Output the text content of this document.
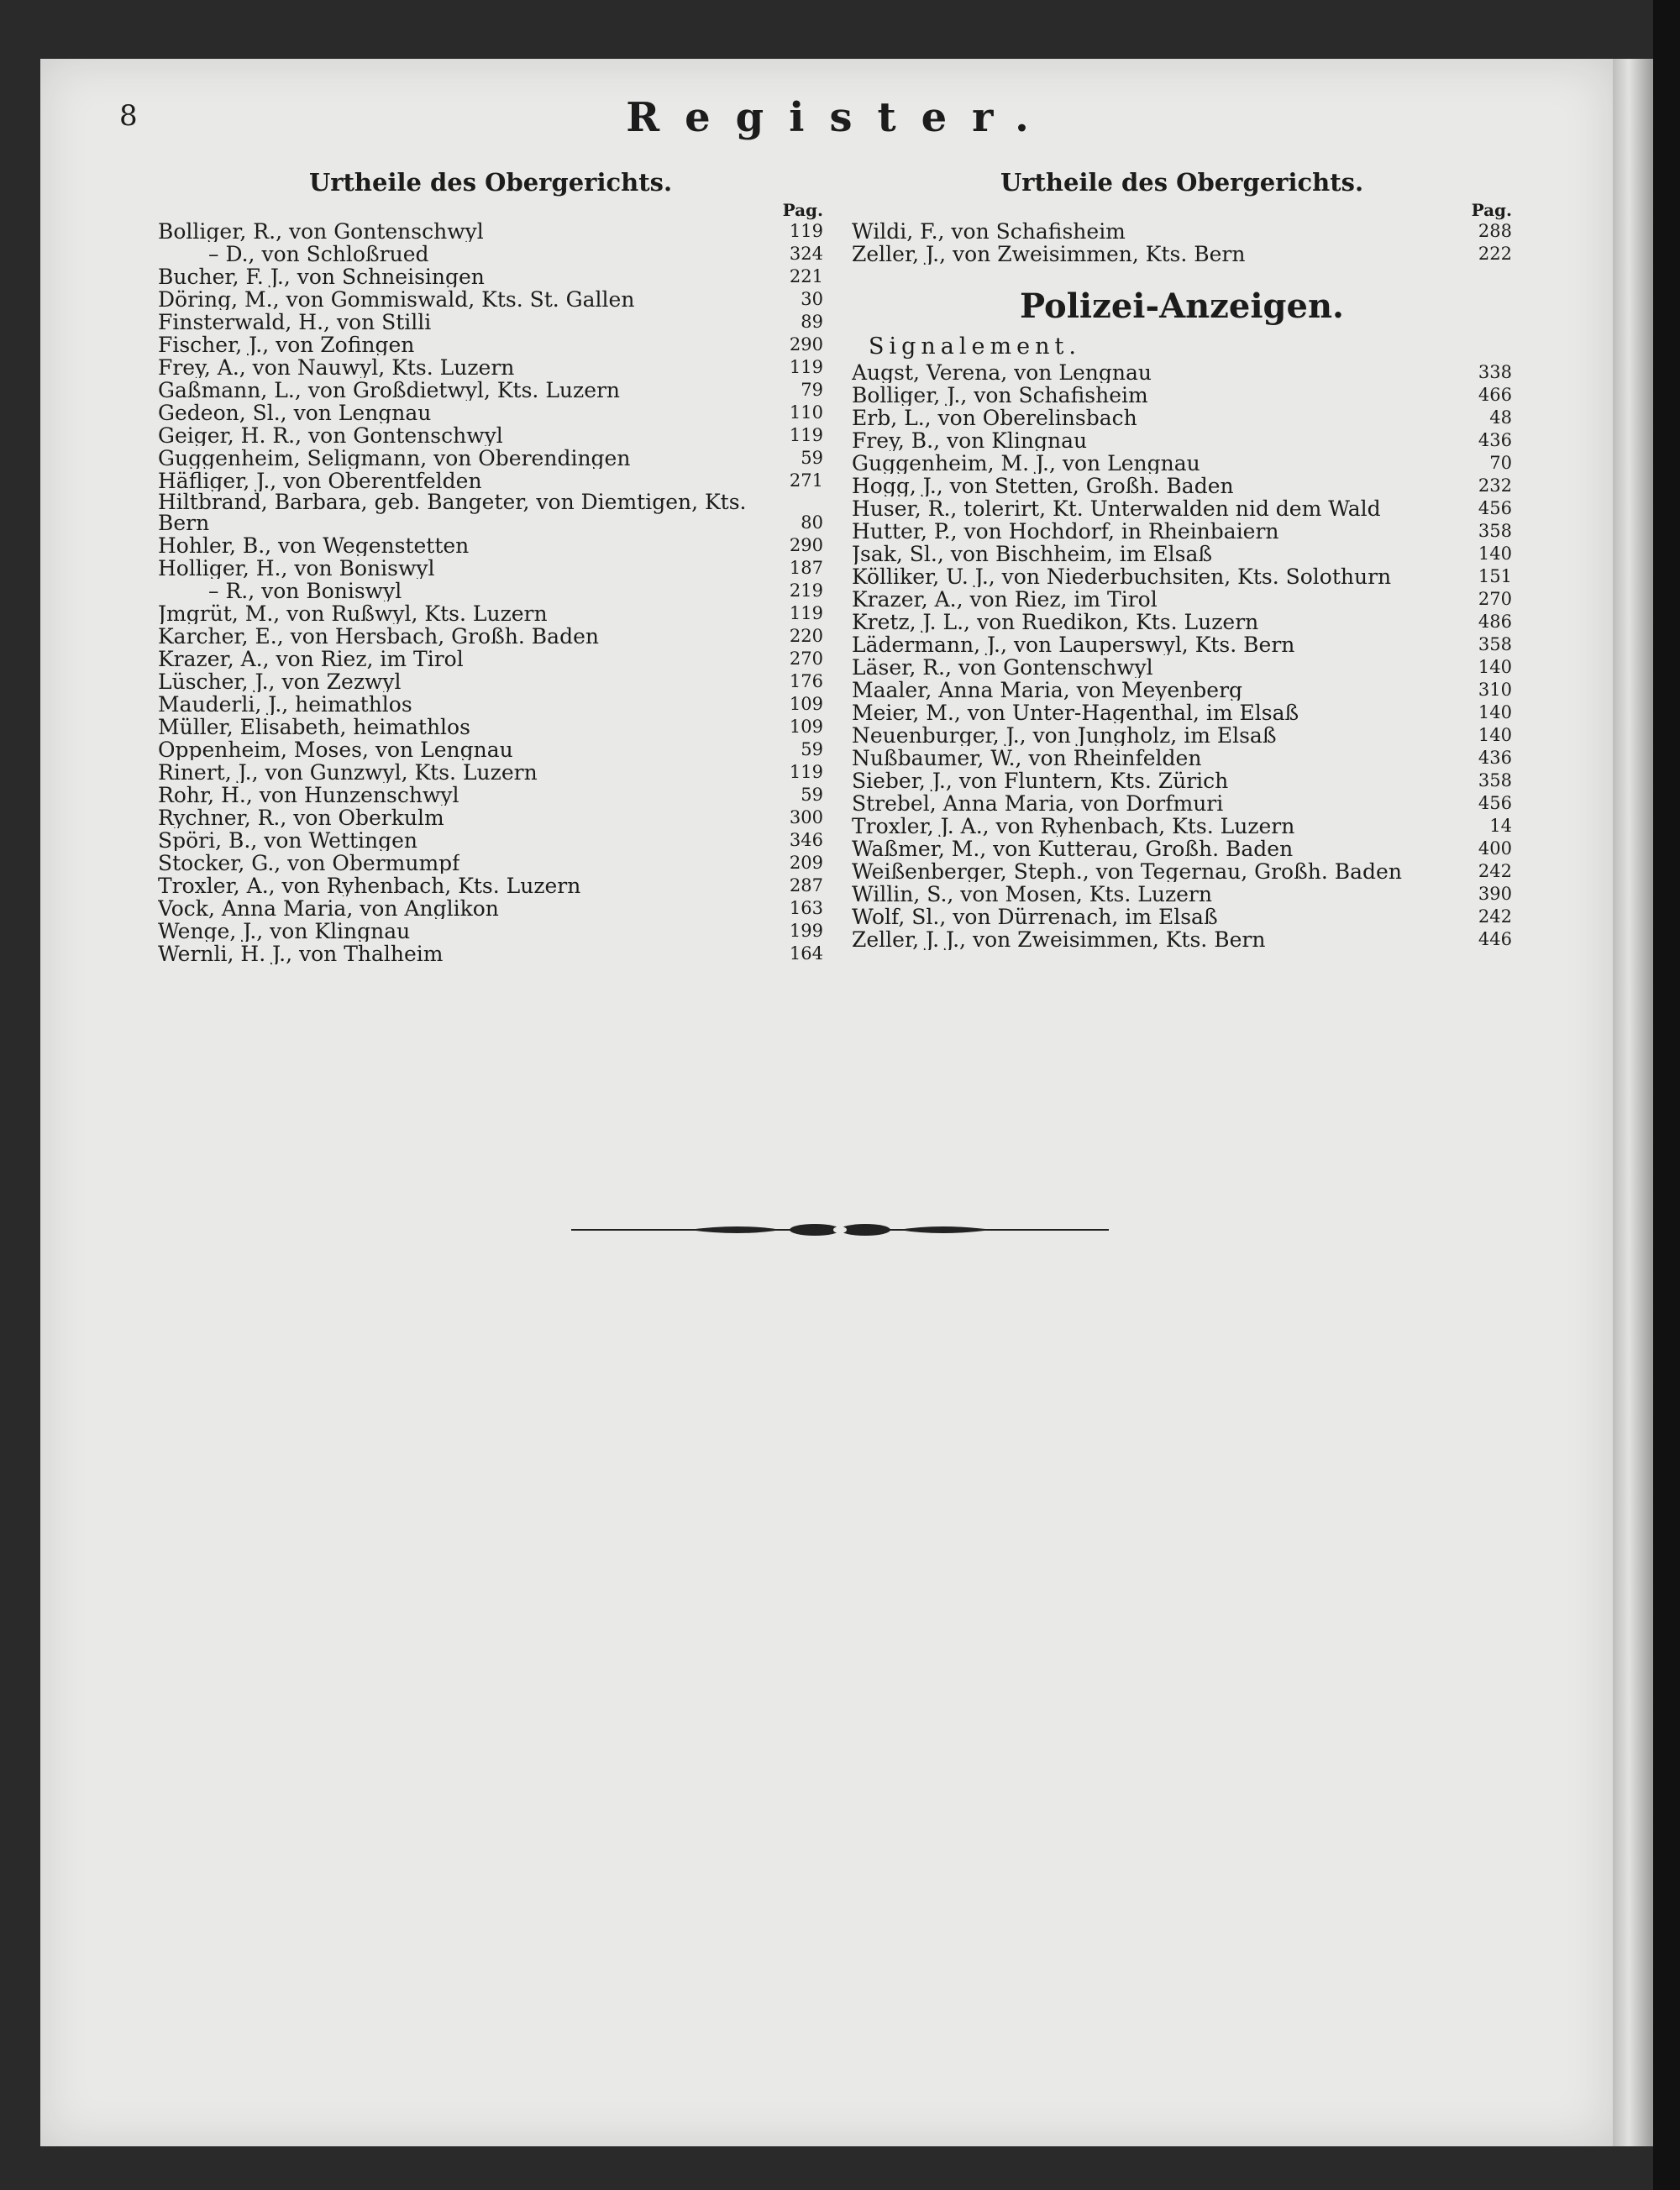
8	Register.
Urtheile des Obergerichts.
Pag.
Bolliger, R., von Gontenschwyl	119
– D., von Schloßrued	324
Bucher, F. J., von Schneisingen	221
Döring, M., von Gommiswald, Kts. St. Gallen	30
Finsterwald, H., von Stilli	89
Fischer, J., von Zofingen	290
Frey, A., von Nauwyl, Kts. Luzern	119
Gaßmann, L., von Großdietwyl, Kts. Luzern	79
Gedeon, Sl., von Lengnau	110
Geiger, H. R., von Gontenschwyl	119
Guggenheim, Seligmann, von Oberendingen	59
Häfliger, J., von Oberentfelden	271
Hiltbrand, Barbara, geb. Bangeter, von Diemtigen, Kts. Bern	80
Hohler, B., von Wegenstetten	290
Holliger, H., von Boniswyl	187
– R., von Boniswyl	219
Jmgrüt, M., von Rußwyl, Kts. Luzern	119
Karcher, E., von Hersbach, Großh. Baden	220
Krazer, A., von Riez, im Tirol	270
Lüscher, J., von Zezwyl	176
Mauderli, J., heimathlos	109
Müller, Elisabeth, heimathlos	109
Oppenheim, Moses, von Lengnau	59
Rinert, J., von Gunzwyl, Kts. Luzern	119
Rohr, H., von Hunzenschwyl	59
Rychner, R., von Oberkulm	300
Spöri, B., von Wettingen	346
Stocker, G., von Obermumpf	209
Troxler, A., von Ryhenbach, Kts. Luzern	287
Vock, Anna Maria, von Anglikon	163
Wenge, J., von Klingnau	199
Wernli, H. J., von Thalheim	164
Urtheile des Obergerichts.
Pag.
Wildi, F., von Schafisheim	288
Zeller, J., von Zweisimmen, Kts. Bern	222
Polizei-Anzeigen.
Signalement.
Augst, Verena, von Lengnau	338
Bolliger, J., von Schafisheim	466
Erb, L., von Oberelinsbach	48
Frey, B., von Klingnau	436
Guggenheim, M. J., von Lengnau	70
Hogg, J., von Stetten, Großh. Baden	232
Huser, R., tolerirt, Kt. Unterwalden nid dem Wald	456
Hutter, P., von Hochdorf, in Rheinbaiern	358
Jsak, Sl., von Bischheim, im Elsaß	140
Kölliker, U. J., von Niederbuchsiten, Kts. Solothurn	151
Krazer, A., von Riez, im Tirol	270
Kretz, J. L., von Ruedikon, Kts. Luzern	486
Lädermann, J., von Lauperswyl, Kts. Bern	358
Läser, R., von Gontenschwyl	140
Maaler, Anna Maria, von Meyenberg	310
Meier, M., von Unter-Hagenthal, im Elsaß	140
Neuenburger, J., von Jungholz, im Elsaß	140
Nußbaumer, W., von Rheinfelden	436
Sieber, J., von Fluntern, Kts. Zürich	358
Strebel, Anna Maria, von Dorfmuri	456
Troxler, J. A., von Ryhenbach, Kts. Luzern	14
Waßmer, M., von Kutterau, Großh. Baden	400
Weißenberger, Steph., von Tegernau, Großh. Baden	242
Willin, S., von Mosen, Kts. Luzern	390
Wolf, Sl., von Dürrenach, im Elsaß	242
Zeller, J. J., von Zweisimmen, Kts. Bern	446
